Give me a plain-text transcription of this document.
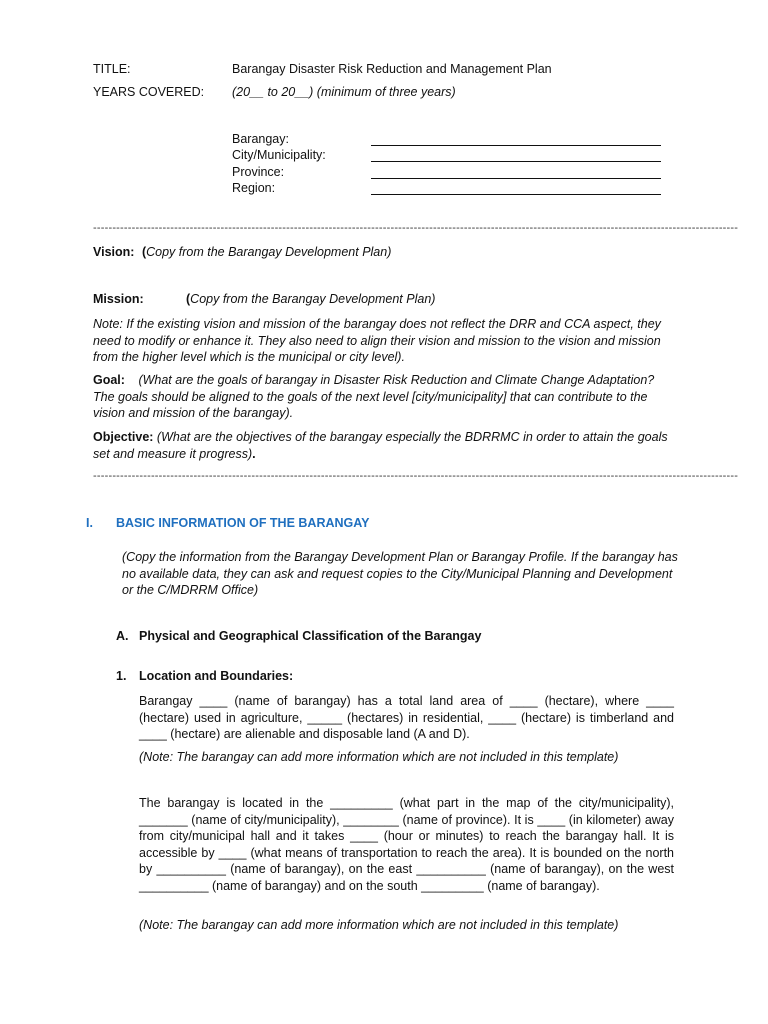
TITLE:	Barangay Disaster Risk Reduction and Management Plan
YEARS COVERED: (20__ to 20__) (minimum of three years)
Barangay:
City/Municipality:
Province:
Region:
-----------------------------------------------------------------------------------------------------------------------------------------------------------------------
Vision: (Copy from the Barangay Development Plan)
Mission:	(Copy from the Barangay Development Plan)
Note: If the existing vision and mission of the barangay does not reflect the DRR and CCA aspect, they need to modify or enhance it. They also need to align their vision and mission to the vision and mission from the higher level which is the municipal or city level).
Goal: (What are the goals of barangay in Disaster Risk Reduction and Climate Change Adaptation? The goals should be aligned to the goals of the next level [city/municipality] that can contribute to the vision and mission of the barangay).
Objective: (What are the objectives of the barangay especially the BDRRMC in order to attain the goals set and measure it progress).
-----------------------------------------------------------------------------------------------------------------------------------------------------------------------
I. BASIC INFORMATION OF THE BARANGAY
(Copy the information from the Barangay Development Plan or Barangay Profile. If the barangay has no available data, they can ask and request copies to the City/Municipal Planning and Development or the C/MDRRM Office)
A. Physical and Geographical Classification of the Barangay
1. Location and Boundaries:
Barangay ____ (name of barangay) has a total land area of ____ (hectare), where ____ (hectare) used in agriculture, _____ (hectares) in residential, ____ (hectare) is timberland and ____ (hectare) are alienable and disposable land (A and D).
(Note: The barangay can add more information which are not included in this template)
The barangay is located in the _________ (what part in the map of the city/municipality), _______ (name of city/municipality), ________ (name of province). It is ____ (in kilometer) away from city/municipal hall and it takes ____ (hour or minutes) to reach the barangay hall. It is accessible by ____ (what means of transportation to reach the area). It is bounded on the north by __________ (name of barangay), on the east __________ (name of barangay), on the west __________ (name of barangay) and on the south _________ (name of barangay).
(Note: The barangay can add more information which are not included in this template)
